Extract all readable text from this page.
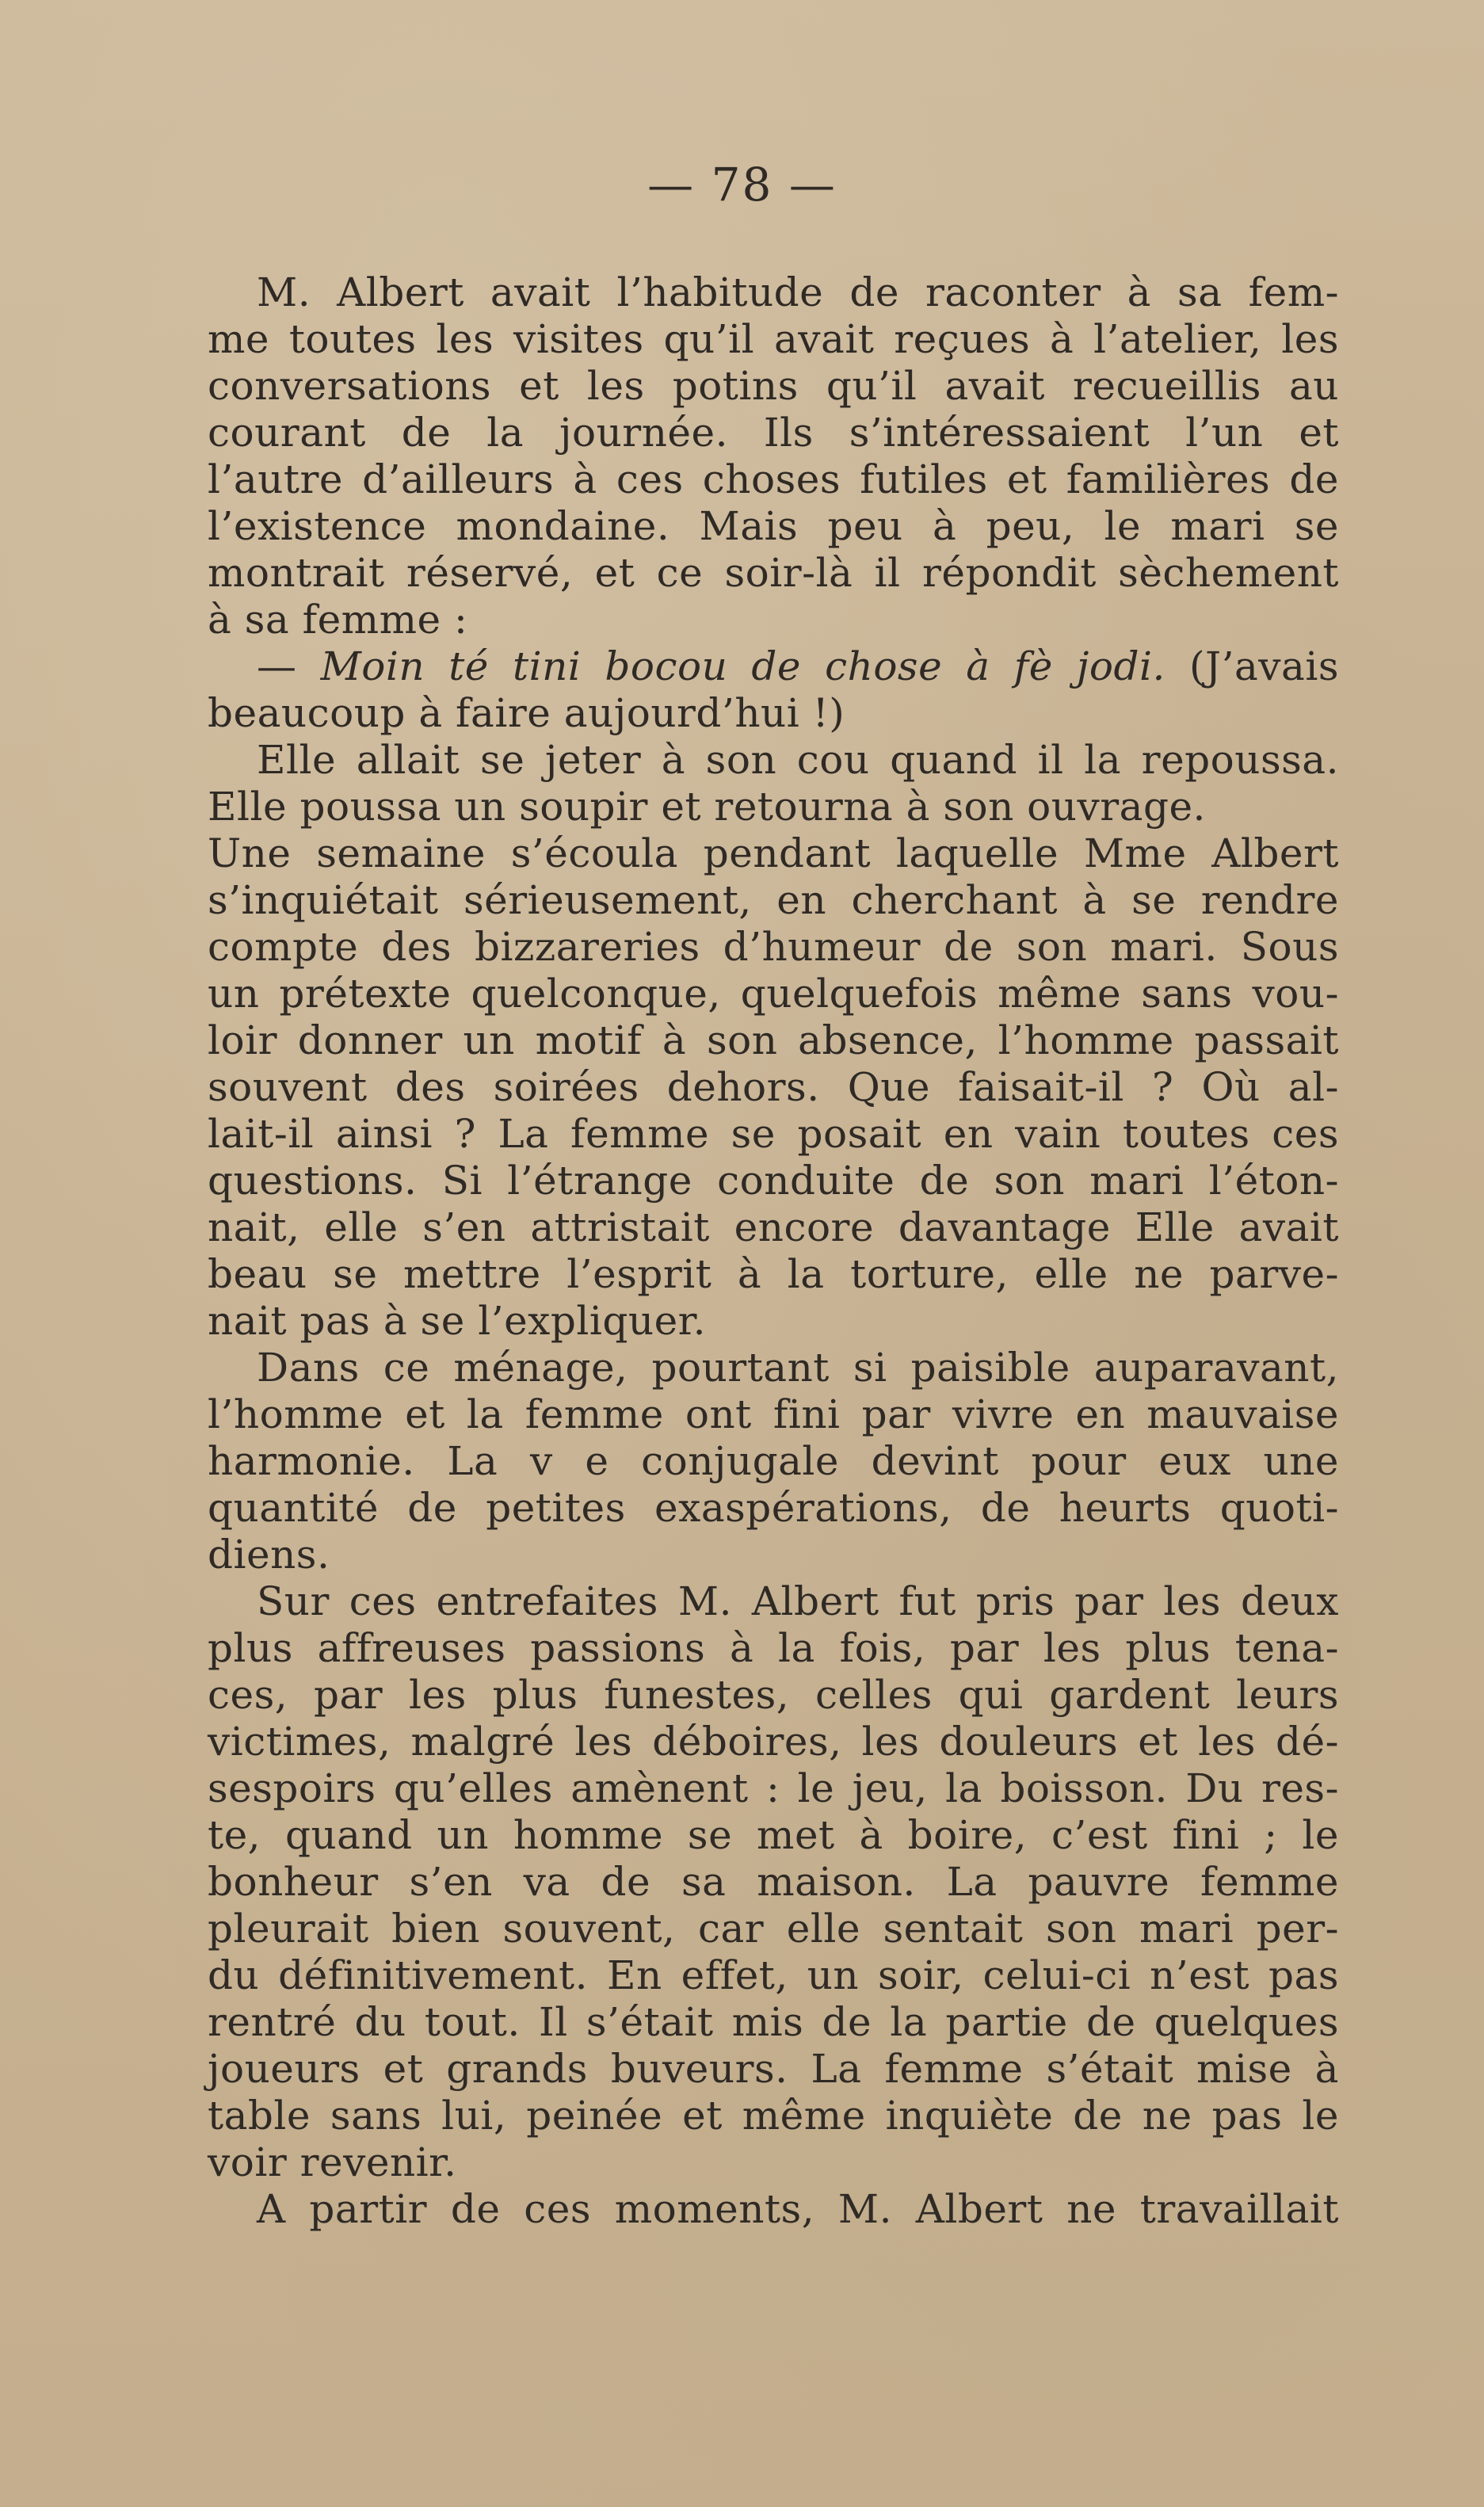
— 78 —
M. Albert avait l’habitude de raconter à sa fem-
me toutes les visites qu’il avait reçues à l’atelier, les
conversations et les potins qu’il avait recueillis au
courant de la journée. Ils s’intéressaient l’un et
l’autre d’ailleurs à ces choses futiles et familières de
l’existence mondaine. Mais peu à peu, le mari se
montrait réservé, et ce soir-là il répondit sèchement
à sa femme :
— Moin té tini bocou de chose à fè jodi. (J’avais
beaucoup à faire aujourd’hui !)
Elle allait se jeter à son cou quand il la repoussa.
Elle poussa un soupir et retourna à son ouvrage.
Une semaine s’écoula pendant laquelle Mme Albert
s’inquiétait sérieusement, en cherchant à se rendre
compte des bizzareries d’humeur de son mari. Sous
un prétexte quelconque, quelquefois même sans vou-
loir donner un motif à son absence, l’homme passait
souvent des soirées dehors. Que faisait-il ? Où al-
lait-il ainsi ? La femme se posait en vain toutes ces
questions. Si l’étrange conduite de son mari l’éton-
nait, elle s’en attristait encore davantage Elle avait
beau se mettre l’esprit à la torture, elle ne parve-
nait pas à se l’expliquer.
Dans ce ménage, pourtant si paisible auparavant,
l’homme et la femme ont fini par vivre en mauvaise
harmonie. La v e conjugale devint pour eux une
quantité de petites exaspérations, de heurts quoti-
diens.
Sur ces entrefaites M. Albert fut pris par les deux
plus affreuses passions à la fois, par les plus tena-
ces, par les plus funestes, celles qui gardent leurs
victimes, malgré les déboires, les douleurs et les dé-
sespoirs qu’elles amènent : le jeu, la boisson. Du res-
te, quand un homme se met à boire, c’est fini ; le
bonheur s’en va de sa maison. La pauvre femme
pleurait bien souvent, car elle sentait son mari per-
du définitivement. En effet, un soir, celui-ci n’est pas
rentré du tout. Il s’était mis de la partie de quelques
joueurs et grands buveurs. La femme s’était mise à
table sans lui, peinée et même inquiète de ne pas le
voir revenir.
A partir de ces moments, M. Albert ne travaillait
